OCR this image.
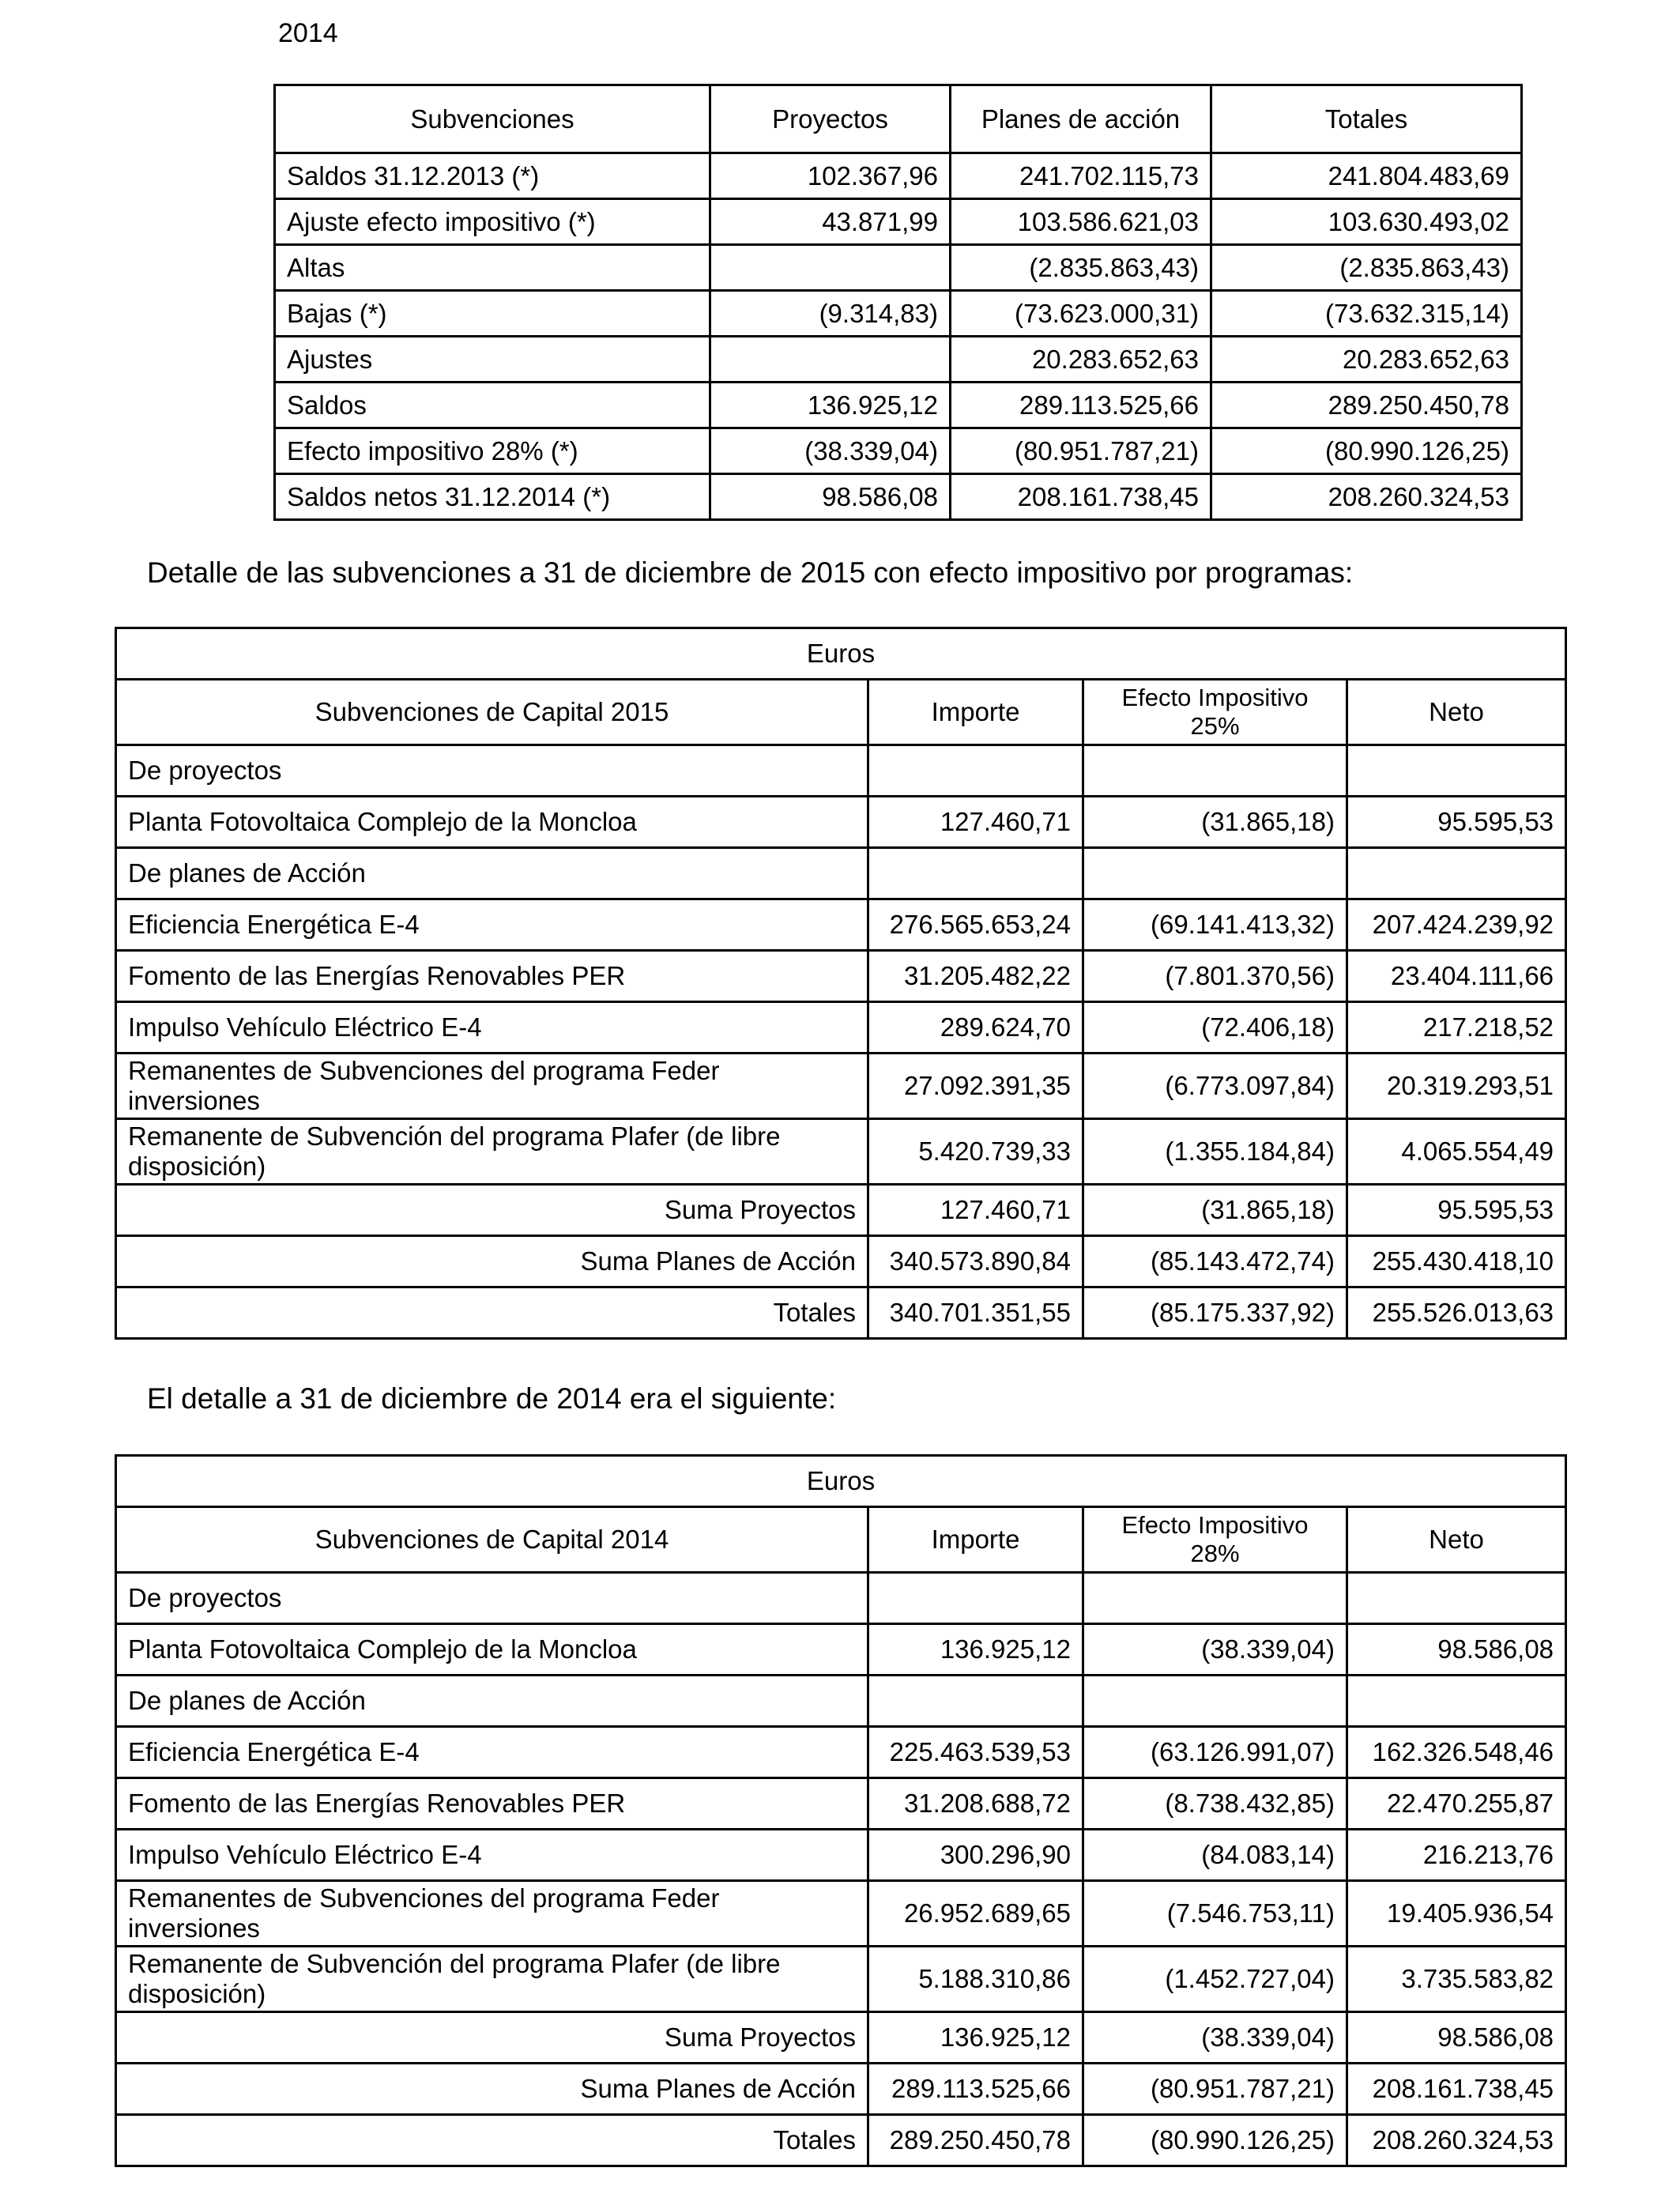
2014
Subvenciones	Proyectos	Planes de acción	Totales
Saldos 31.12.2013 (*)	102.367,96	241.702.115,73	241.804.483,69
Ajuste efecto impositivo (*)	43.871,99	103.586.621,03	103.630.493,02
Altas		(2.835.863,43)	(2.835.863,43)
Bajas (*)	(9.314,83)	(73.623.000,31)	(73.632.315,14)
Ajustes		20.283.652,63	20.283.652,63
Saldos	136.925,12	289.113.525,66	289.250.450,78
Efecto impositivo 28% (*)	(38.339,04)	(80.951.787,21)	(80.990.126,25)
Saldos netos 31.12.2014 (*)	98.586,08	208.161.738,45	208.260.324,53
Detalle de las subvenciones a 31 de diciembre de 2015 con efecto impositivo por programas:
Euros			
Subvenciones de Capital 2015	Importe	Efecto Impositivo 25%	Neto
De proyectos			
Planta Fotovoltaica Complejo de la Moncloa	127.460,71	(31.865,18)	95.595,53
De planes de Acción			
Eficiencia Energética E-4	276.565.653,24	(69.141.413,32)	207.424.239,92
Fomento de las Energías Renovables PER	31.205.482,22	(7.801.370,56)	23.404.111,66
Impulso Vehículo Eléctrico E-4	289.624,70	(72.406,18)	217.218,52
Remanentes de Subvenciones del programa Feder inversiones	27.092.391,35	(6.773.097,84)	20.319.293,51
Remanente de Subvención del programa Plafer (de libre disposición)	5.420.739,33	(1.355.184,84)	4.065.554,49
Suma Proyectos	127.460,71	(31.865,18)	95.595,53
Suma Planes de Acción	340.573.890,84	(85.143.472,74)	255.430.418,10
Totales	340.701.351,55	(85.175.337,92)	255.526.013,63
El detalle a 31 de diciembre de 2014 era el siguiente:
Euros			
Subvenciones de Capital 2014	Importe	Efecto Impositivo 28%	Neto
De proyectos			
Planta Fotovoltaica Complejo de la Moncloa	136.925,12	(38.339,04)	98.586,08
De planes de Acción			
Eficiencia Energética E-4	225.463.539,53	(63.126.991,07)	162.326.548,46
Fomento de las Energías Renovables PER	31.208.688,72	(8.738.432,85)	22.470.255,87
Impulso Vehículo Eléctrico E-4	300.296,90	(84.083,14)	216.213,76
Remanentes de Subvenciones del programa Feder inversiones	26.952.689,65	(7.546.753,11)	19.405.936,54
Remanente de Subvención del programa Plafer (de libre disposición)	5.188.310,86	(1.452.727,04)	3.735.583,82
Suma Proyectos	136.925,12	(38.339,04)	98.586,08
Suma Planes de Acción	289.113.525,66	(80.951.787,21)	208.161.738,45
Totales	289.250.450,78	(80.990.126,25)	208.260.324,53
